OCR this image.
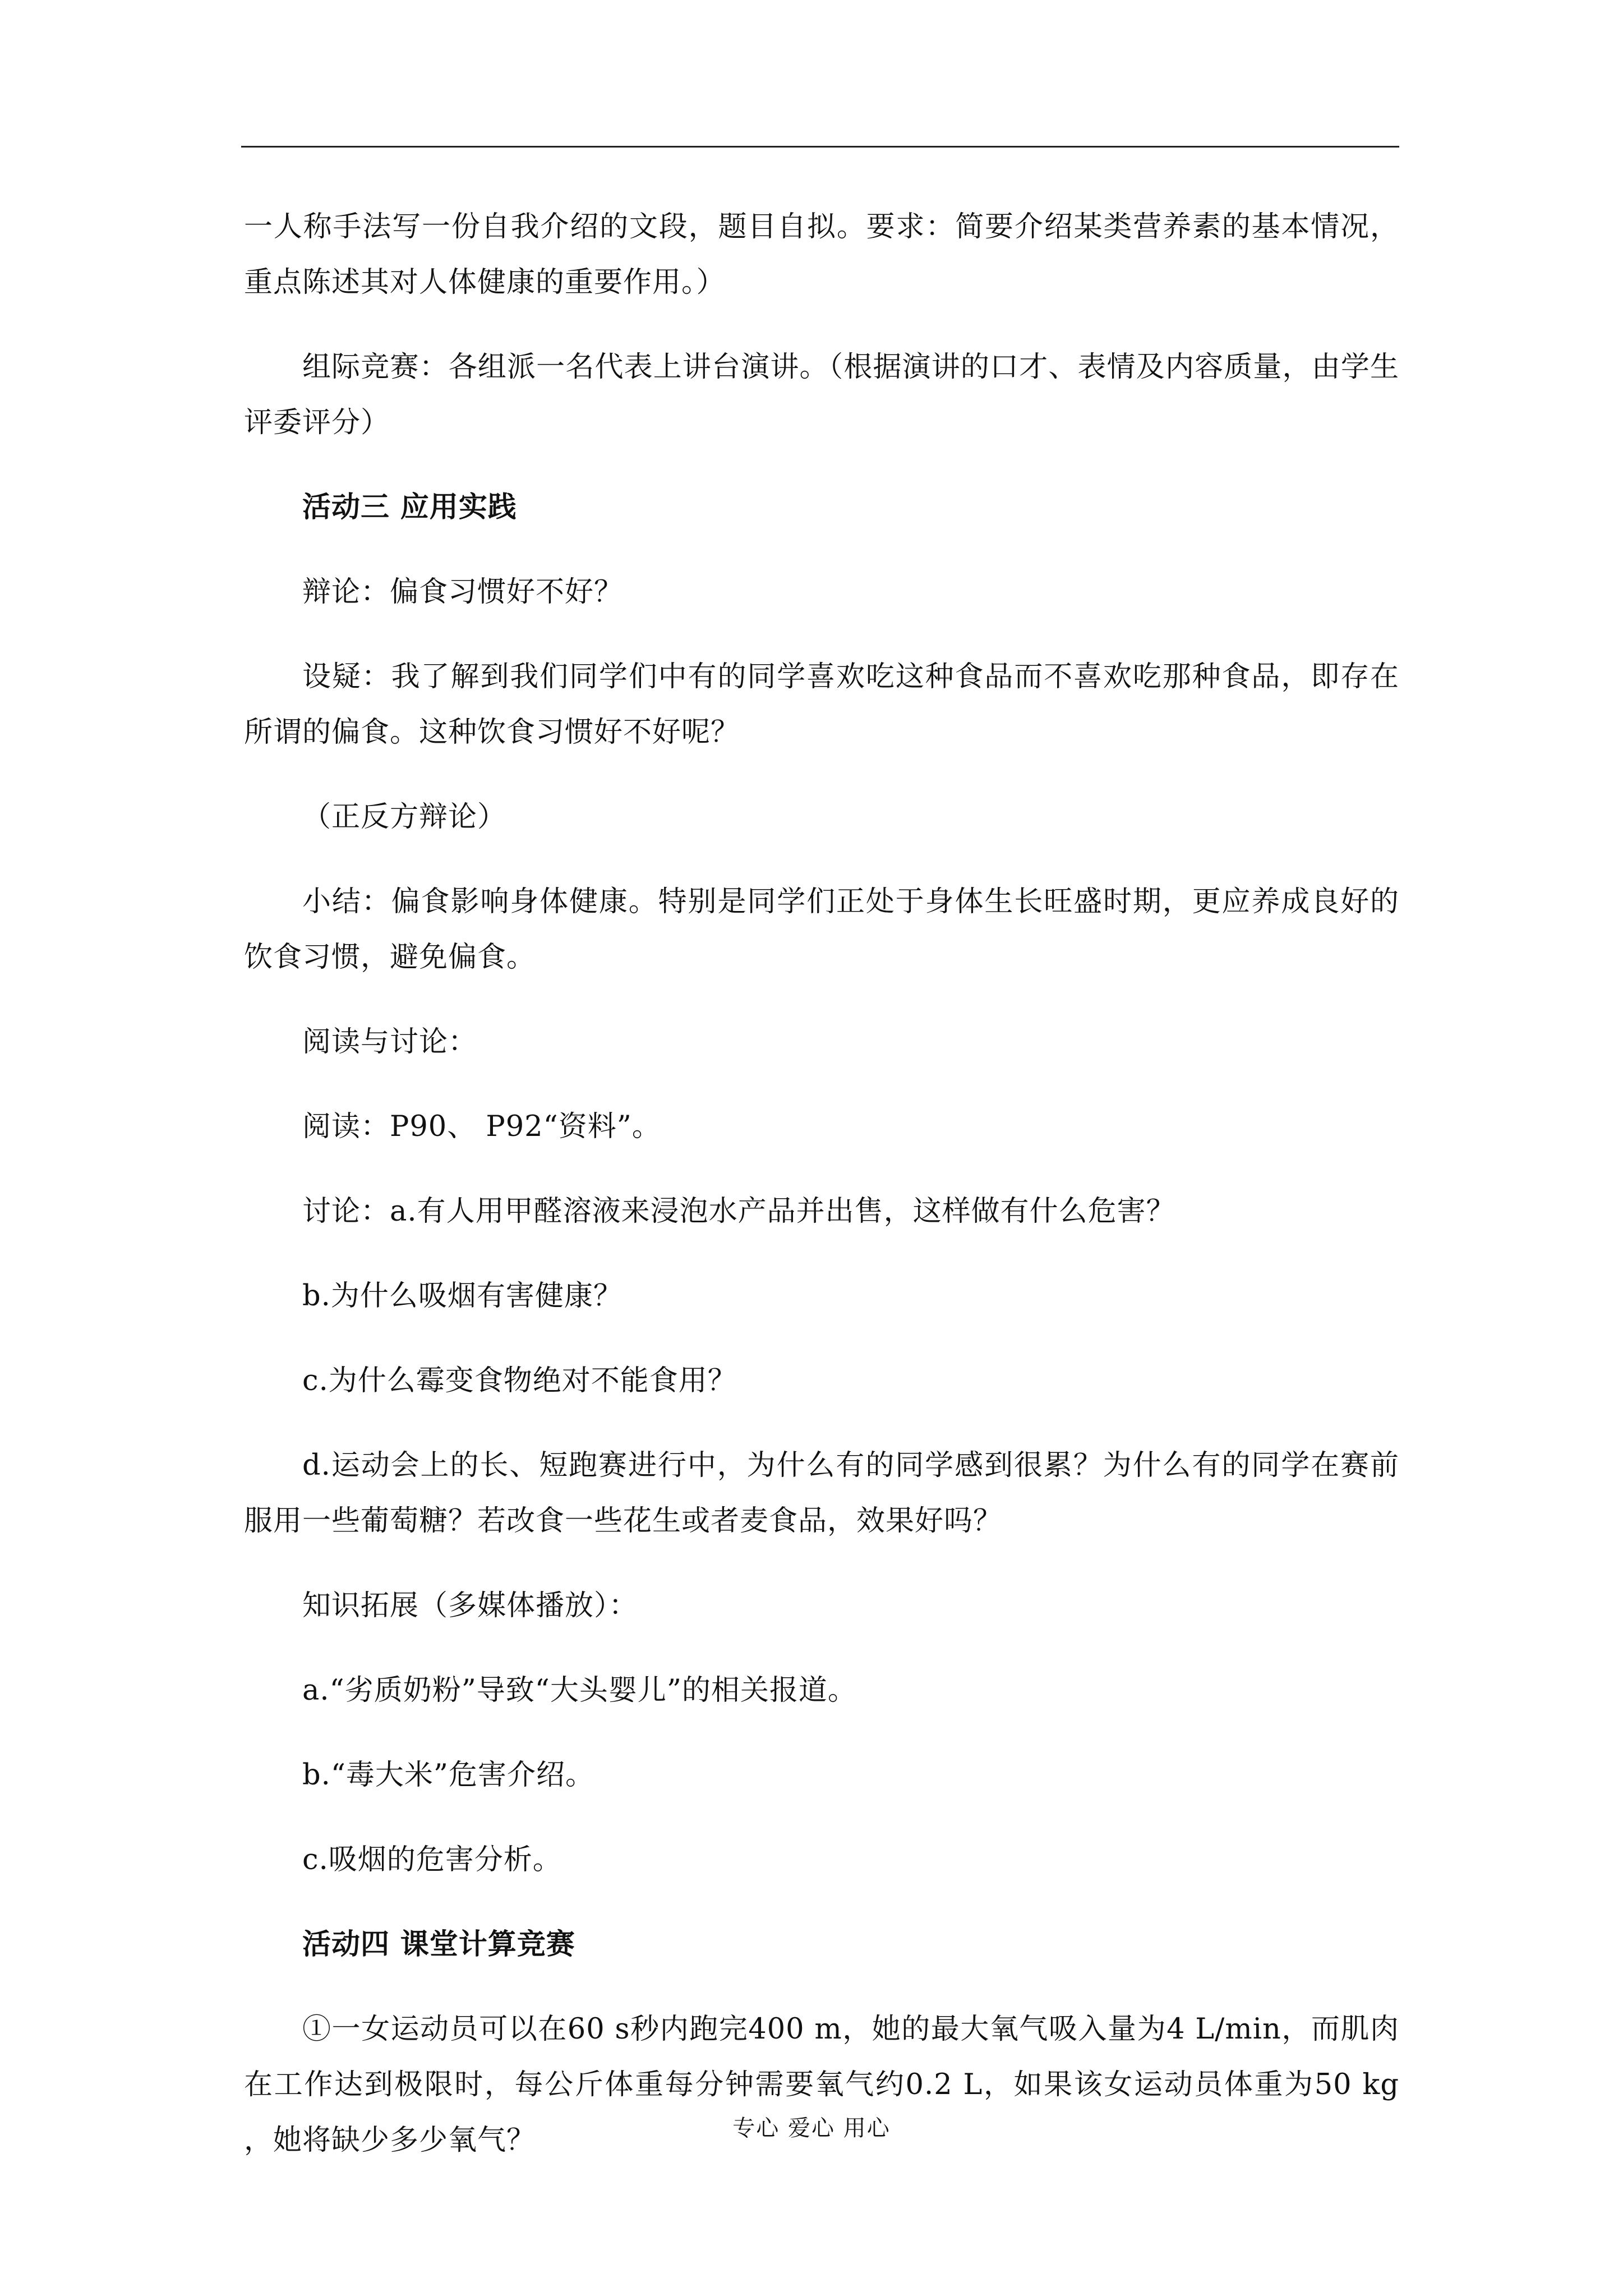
一人称手法写一份自我介绍的文段，题目自拟。要求：简要介绍某类营养素的基本情况，重点陈述其对人体健康的重要作用。）

组际竞赛：各组派一名代表上讲台演讲。（根据演讲的口才、表情及内容质量，由学生评委评分）

活动三 应用实践

辩论：偏食习惯好不好？

设疑：我了解到我们同学们中有的同学喜欢吃这种食品而不喜欢吃那种食品，即存在所谓的偏食。这种饮食习惯好不好呢？

（正反方辩论）

小结：偏食影响身体健康。特别是同学们正处于身体生长旺盛时期，更应养成良好的饮食习惯，避免偏食。

阅读与讨论：

阅读：P90、 P92“资料”。

讨论：a.有人用甲醛溶液来浸泡水产品并出售，这样做有什么危害？

b.为什么吸烟有害健康？

c.为什么霉变食物绝对不能食用？

d.运动会上的长、短跑赛进行中，为什么有的同学感到很累？为什么有的同学在赛前服用一些葡萄糖？若改食一些花生或者麦食品，效果好吗？

知识拓展（多媒体播放）：

a.“劣质奶粉”导致“大头婴儿”的相关报道。

b.“毒大米”危害介绍。

c.吸烟的危害分析。

活动四 课堂计算竞赛

①一女运动员可以在60 s秒内跑完400 m，她的最大氧气吸入量为4 L/min，而肌肉在工作达到极限时，每公斤体重每分钟需要氧气约0.2 L，如果该女运动员体重为50 kg ，她将缺少多少氧气？	专心 爱心 用心
